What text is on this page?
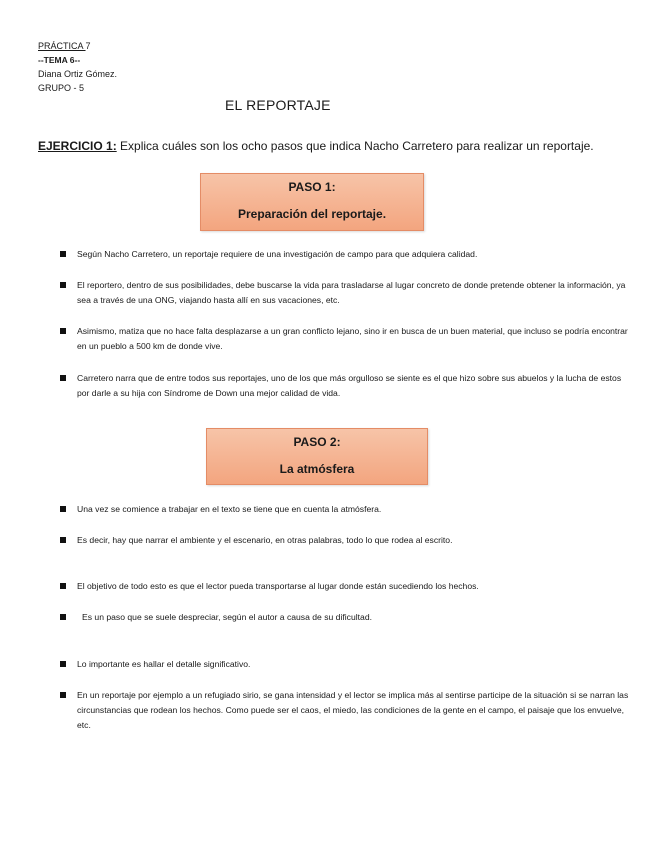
PRÁCTICA 7
--TEMA 6--
Diana Ortiz Gómez.
GRUPO - 5
EL REPORTAJE
EJERCICIO 1: Explica cuáles son los ocho pasos que indica Nacho Carretero para realizar un reportaje.
PASO 1:
Preparación del reportaje.
Según Nacho Carretero, un reportaje requiere de una investigación de campo para que adquiera calidad.
El reportero, dentro de sus posibilidades, debe buscarse la vida para trasladarse al lugar concreto de donde pretende obtener la información, ya sea a través de una ONG, viajando hasta allí en sus vacaciones, etc.
Asimismo, matiza que no hace falta desplazarse a un gran conflicto lejano, sino ir en busca de un buen material, que incluso se podría encontrar en un pueblo a 500 km de donde vive.
Carretero narra que de entre todos sus reportajes, uno de los que más orgulloso se siente es el que hizo sobre sus abuelos y la lucha de estos por darle a su hija con Síndrome de Down una mejor calidad de vida.
PASO 2:
La atmósfera
Una vez se comience a trabajar en el texto se tiene que en cuenta la atmósfera.
Es decir, hay que narrar el ambiente y el escenario, en otras palabras, todo lo que rodea al escrito.
El objetivo de todo esto es que el lector pueda transportarse al lugar donde están sucediendo los hechos.
Es un paso que se suele despreciar, según el autor a causa de su dificultad.
Lo importante es hallar el detalle significativo.
En un reportaje por ejemplo a un refugiado sirio, se gana intensidad y el lector se implica más al sentirse participe de la situación si se narran las circunstancias que rodean los hechos. Como puede ser el caos, el miedo, las condiciones de la gente en el campo, el paisaje que los envuelve, etc.
